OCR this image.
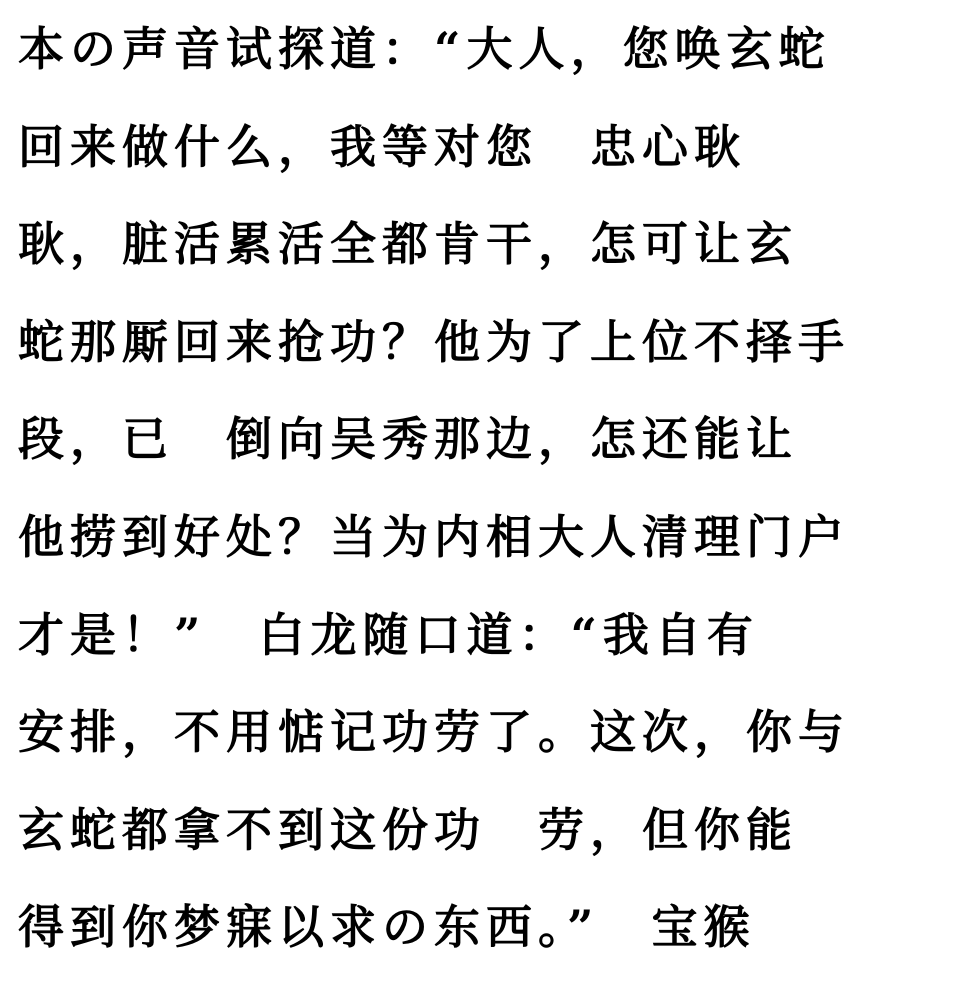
本の声音试探道：“大人，您唤玄蛇
回来做什么，我等对您　忠心耿
耿，脏活累活全都肯干，怎可让玄
蛇那厮回来抢功？他为了上位不择手
段，已　倒向吴秀那边，怎还能让
他捞到好处？当为内相大人清理门户
才是！”　白龙随口道：“我自有
安排，不用惦记功劳了。这次，你与
玄蛇都拿不到这份功　劳，但你能
得到你梦寐以求の东西。”　宝猴
